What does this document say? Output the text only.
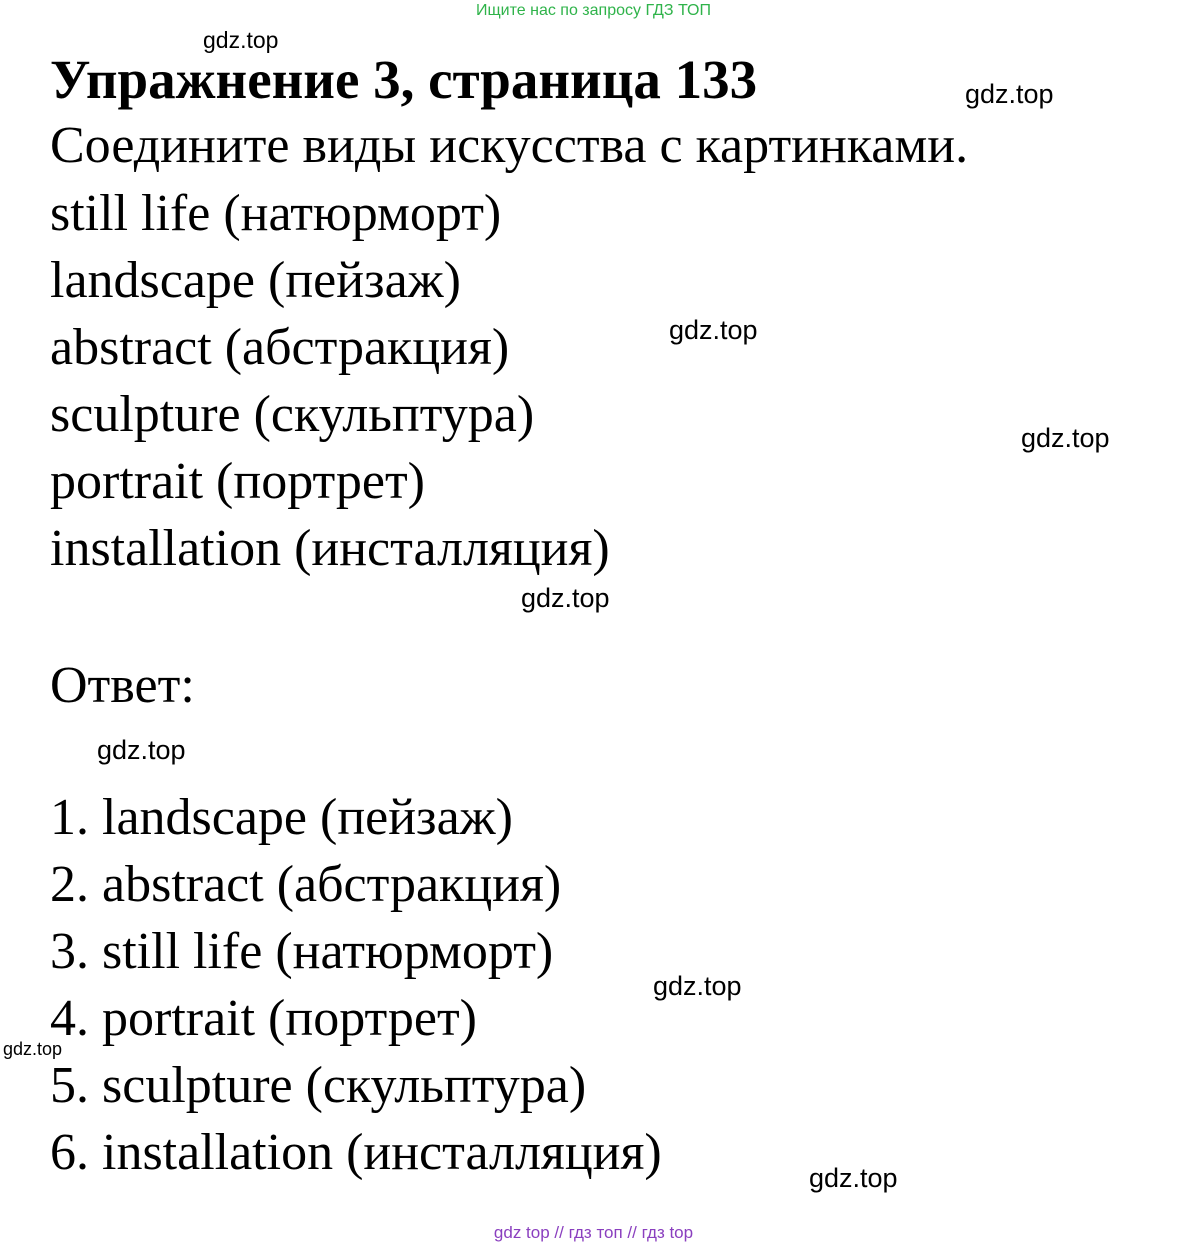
Ищите нас по запросу ГДЗ ТОП
Упражнение 3, страница 133
Соедините виды искусства с картинками.
still life (натюрморт)
landscape (пейзаж)
abstract (абстракция)
sculpture (скульптура)
portrait (портрет)
installation (инсталляция)
Ответ:
1. landscape (пейзаж)
2. abstract (абстракция)
3. still life (натюрморт)
4. portrait (портрет)
5. sculpture (скульптура)
6. installation (инсталляция)
gdz.top
gdz.top
gdz.top
gdz.top
gdz.top
gdz.top
gdz.top
gdz.top
gdz.top
gdz top // гдз топ // гдз top
